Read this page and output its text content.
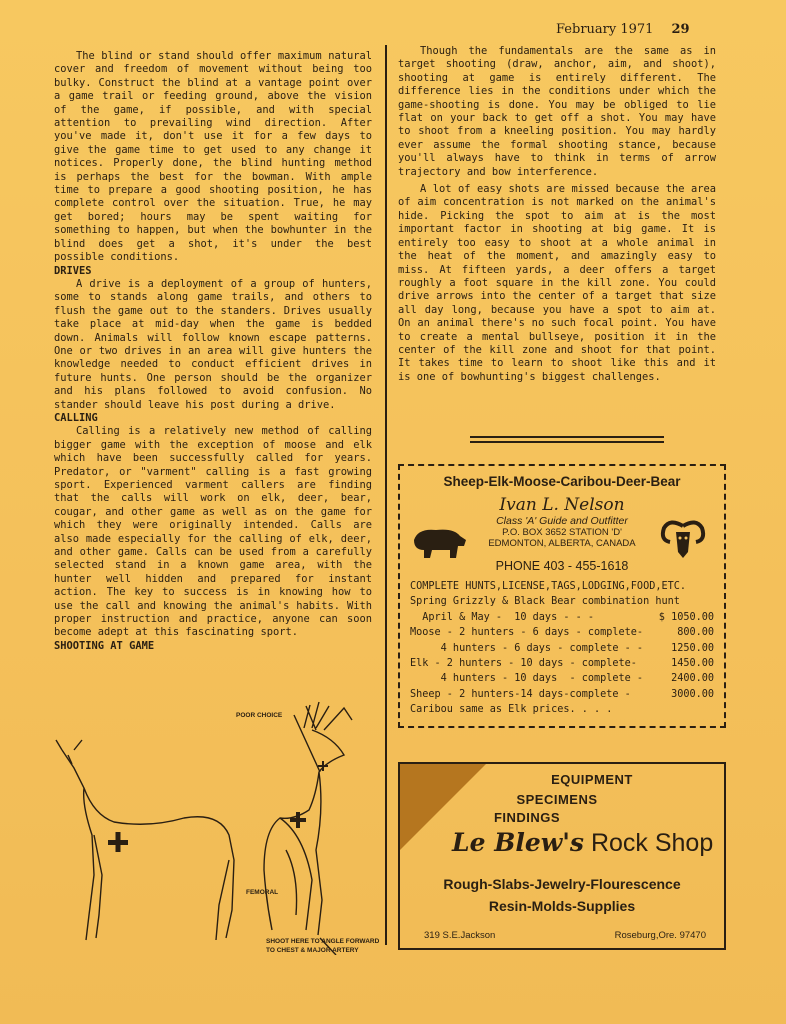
February 1971 29

The blind or stand should offer maximum natural cover and freedom of movement without being too bulky. Construct the blind at a vantage point over a game trail or feeding ground, above the vision of the game, if possible, and with special attention to prevailing wind direction. After you've made it, don't use it for a few days to give the game time to get used to any change it notices. Properly done, the blind hunting method is perhaps the best for the bowman. With ample time to prepare a good shooting position, he has complete control over the situation. True, he may get bored; hours may be spent waiting for something to happen, but when the bowhunter in the blind does get a shot, it's under the best possible conditions.

DRIVES

A drive is a deployment of a group of hunters, some to stands along game trails, and others to flush the game out to the standers. Drives usually take place at mid-day when the game is bedded down. Animals will follow known escape patterns. One or two drives in an area will give hunters the knowledge needed to conduct efficient drives in future hunts. One person should be the organizer and his plans followed to avoid confusion. No stander should leave his post during a drive.

CALLING

Calling is a relatively new method of calling bigger game with the exception of moose and elk which have been successfully called for years. Predator, or "varment" calling is a fast growing sport. Experienced varment callers are finding that the calls will work on elk, deer, bear, cougar, and other game as well as on the game for which they were originally intended. Calls are also made especially for the calling of elk, deer, and other game. Calls can be used from a carefully selected stand in a known game area, with the hunter well hidden and prepared for instant action. The key to success is in knowing how to use the call and knowing the animal's habits. With proper instruction and practice, anyone can soon become adept at this fascinating sport.

SHOOTING AT GAME
POOR CHOICE
FEMORAL
SHOOT HERE TO ANGLE FORWARD
TO CHEST & MAJOR ARTERY

Though the fundamentals are the same as in target shooting (draw, anchor, aim, and shoot), shooting at game is entirely different. The difference lies in the conditions under which the game-shooting is done. You may be obliged to lie flat on your back to get off a shot. You may have to shoot from a kneeling position. You may hardly ever assume the formal shooting stance, because you'll always have to think in terms of arrow trajectory and bow interference.

A lot of easy shots are missed because the area of aim concentration is not marked on the animal's hide. Picking the spot to aim at is the most important factor in shooting at big game. It is entirely too easy to shoot at a whole animal in the heat of the moment, and amazingly easy to miss. At fifteen yards, a deer offers a target roughly a foot square in the kill zone. You could drive arrows into the center of a target that size all day long, because you have a spot to aim at. On an animal there's no such focal point. You have to create a mental bullseye, position it in the center of the kill zone and shoot for that point. It takes time to learn to shoot like this and it is one of bowhunting's biggest challenges.

Sheep-Elk-Moose-Caribou-Deer-Bear
Ivan L. Nelson
Class 'A' Guide and Outfitter
P.O. BOX 3652 STATION 'D'
EDMONTON, ALBERTA, CANADA
PHONE 403 - 455-1618
COMPLETE HUNTS,LICENSE,TAGS,LODGING,FOOD,ETC.
Spring Grizzly & Black Bear combination hunt
April & May -  10 days - - -	$ 1050.00
Moose - 2 hunters - 6 days - complete-	800.00
4 hunters - 6 days - complete - -	1250.00
Elk - 2 hunters - 10 days - complete-	1450.00
4 hunters - 10 days  - complete -	2400.00
Sheep - 2 hunters-14 days-complete -	3000.00
Caribou same as Elk prices. . . .
EQUIPMENT
SPECIMENS
FINDINGS
Le Blew's Rock Shop
Rough-Slabs-Jewelry-Flourescence
Resin-Molds-Supplies
319 S.E.Jackson	Roseburg,Ore. 97470
